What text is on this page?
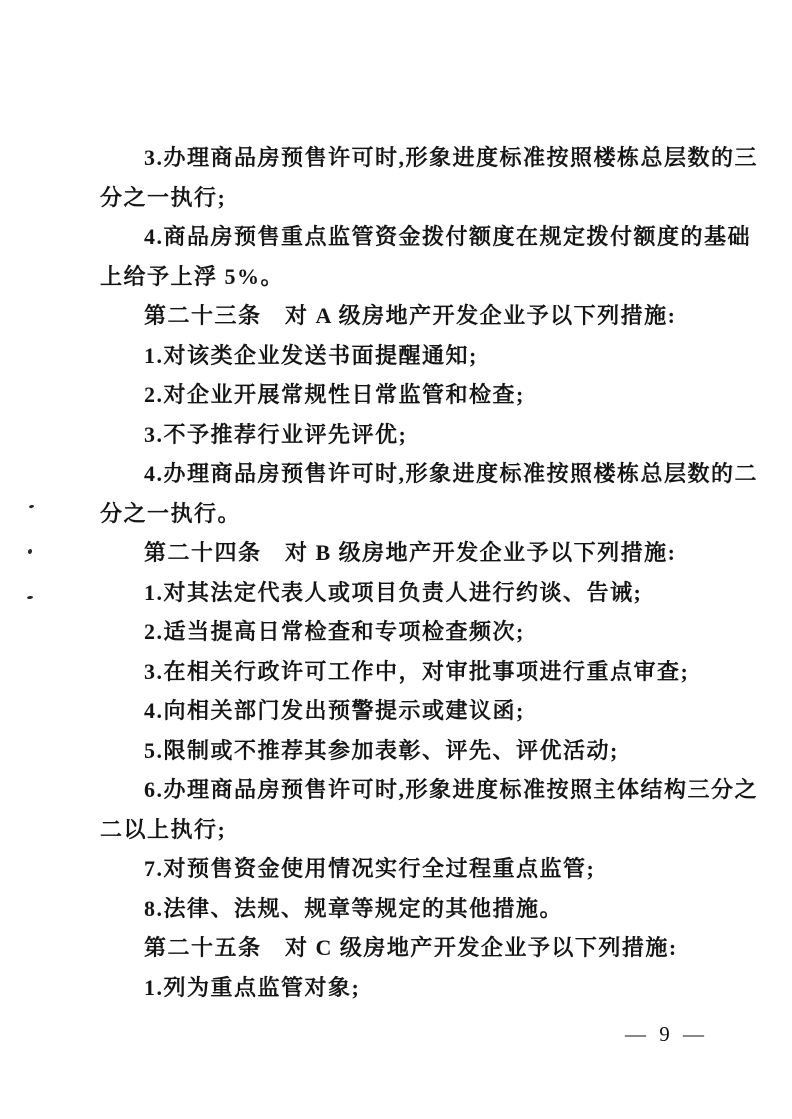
3.办理商品房预售许可时,形象进度标准按照楼栋总层数的三
分之一执行;
4.商品房预售重点监管资金拨付额度在规定拨付额度的基础
上给予上浮 5%。
第二十三条　对 A 级房地产开发企业予以下列措施:
1.对该类企业发送书面提醒通知;
2.对企业开展常规性日常监管和检查;
3.不予推荐行业评先评优;
4.办理商品房预售许可时,形象进度标准按照楼栋总层数的二
分之一执行。
第二十四条　对 B 级房地产开发企业予以下列措施:
1.对其法定代表人或项目负责人进行约谈、告诫;
2.适当提高日常检查和专项检查频次;
3.在相关行政许可工作中，对审批事项进行重点审查;
4.向相关部门发出预警提示或建议函;
5.限制或不推荐其参加表彰、评先、评优活动;
6.办理商品房预售许可时,形象进度标准按照主体结构三分之
二以上执行;
7.对预售资金使用情况实行全过程重点监管;
8.法律、法规、规章等规定的其他措施。
第二十五条　对 C 级房地产开发企业予以下列措施:
1.列为重点监管对象;
— 9 —
